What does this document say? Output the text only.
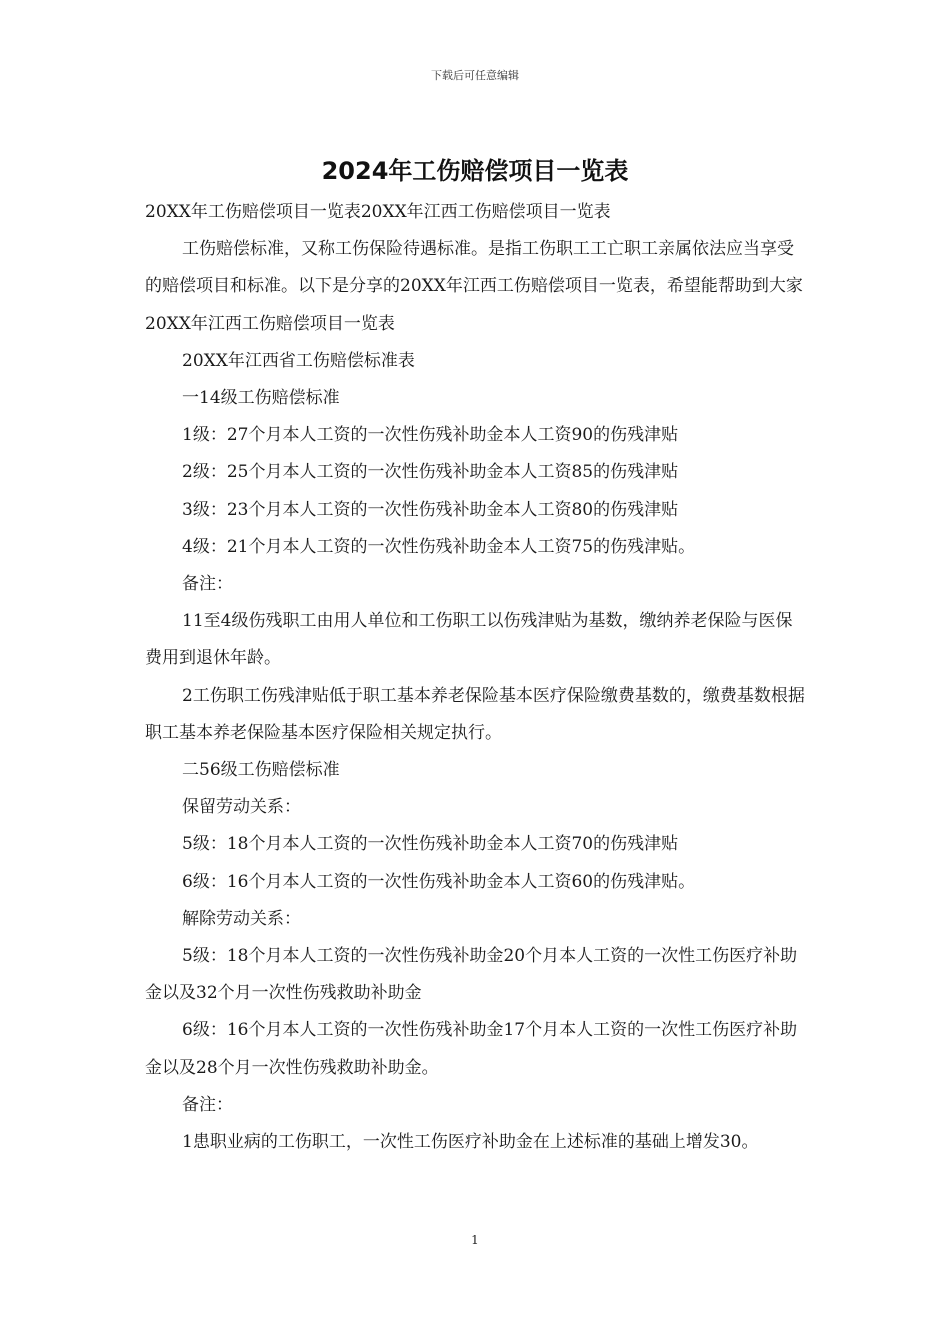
下载后可任意编辑
2024年工伤赔偿项目一览表

20XX年工伤赔偿项目一览表20XX年江西工伤赔偿项目一览表

工伤赔偿标准，又称工伤保险待遇标准。是指工伤职工工亡职工亲属依法应当享受的赔偿项目和标准。以下是分享的20XX年江西工伤赔偿项目一览表，希望能帮助到大家20XX年江西工伤赔偿项目一览表

20XX年江西省工伤赔偿标准表

一14级工伤赔偿标准

1级：27个月本人工资的一次性伤残补助金本人工资90的伤残津贴

2级：25个月本人工资的一次性伤残补助金本人工资85的伤残津贴

3级：23个月本人工资的一次性伤残补助金本人工资80的伤残津贴

4级：21个月本人工资的一次性伤残补助金本人工资75的伤残津贴。

备注：

11至4级伤残职工由用人单位和工伤职工以伤残津贴为基数，缴纳养老保险与医保费用到退休年龄。

2工伤职工伤残津贴低于职工基本养老保险基本医疗保险缴费基数的，缴费基数根据职工基本养老保险基本医疗保险相关规定执行。

二56级工伤赔偿标准

保留劳动关系：

5级：18个月本人工资的一次性伤残补助金本人工资70的伤残津贴

6级：16个月本人工资的一次性伤残补助金本人工资60的伤残津贴。

解除劳动关系：

5级：18个月本人工资的一次性伤残补助金20个月本人工资的一次性工伤医疗补助金以及32个月一次性伤残救助补助金

6级：16个月本人工资的一次性伤残补助金17个月本人工资的一次性工伤医疗补助金以及28个月一次性伤残救助补助金。

备注：

1患职业病的工伤职工，一次性工伤医疗补助金在上述标准的基础上增发30。

1
